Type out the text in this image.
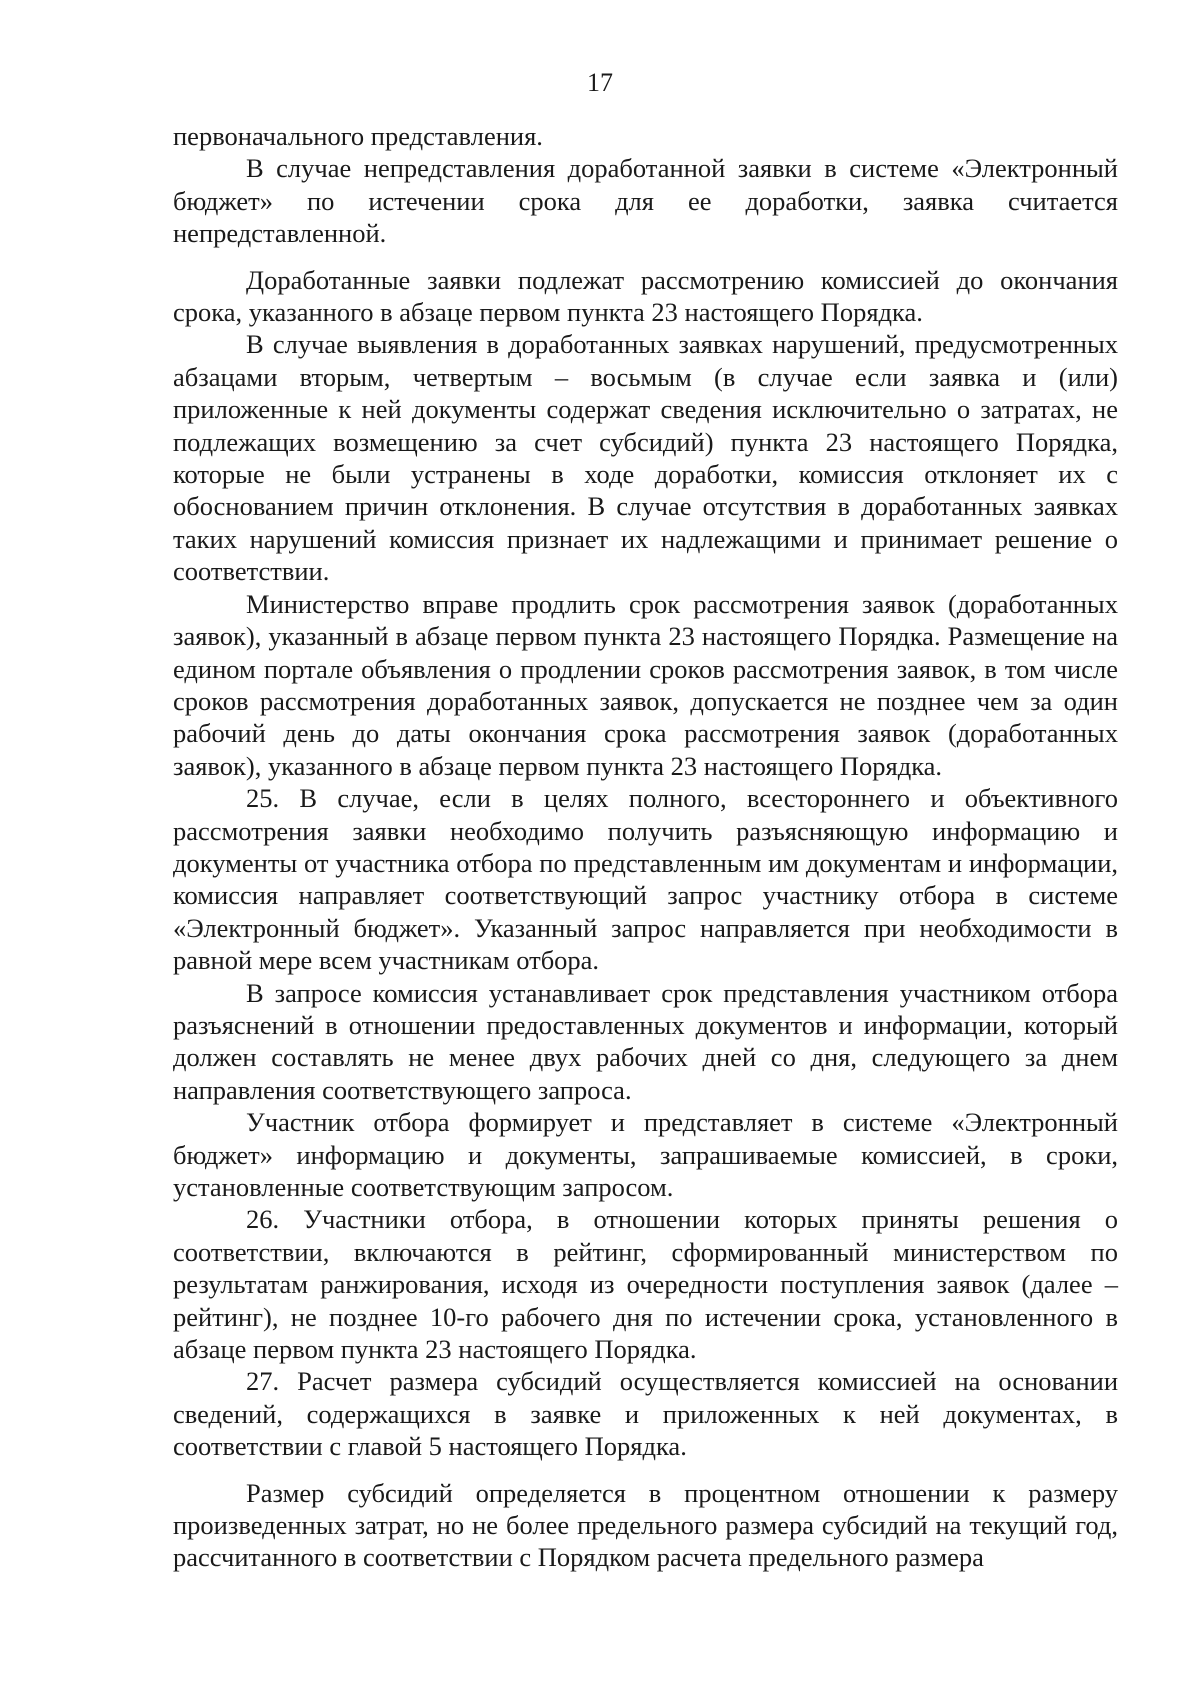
17

первоначального представления.

В случае непредставления доработанной заявки в системе «Электронный бюджет» по истечении срока для ее доработки, заявка считается непредставленной.

Доработанные заявки подлежат рассмотрению комиссией до окончания срока, указанного в абзаце первом пункта 23 настоящего Порядка.

В случае выявления в доработанных заявках нарушений, предусмотренных абзацами вторым, четвертым – восьмым (в случае если заявка и (или) приложенные к ней документы содержат сведения исключительно о затратах, не подлежащих возмещению за счет субсидий) пункта 23 настоящего Порядка, которые не были устранены в ходе доработки, комиссия отклоняет их с обоснованием причин отклонения. В случае отсутствия в доработанных заявках таких нарушений комиссия признает их надлежащими и принимает решение о соответствии.

Министерство вправе продлить срок рассмотрения заявок (доработанных заявок), указанный в абзаце первом пункта 23 настоящего Порядка. Размещение на едином портале объявления о продлении сроков рассмотрения заявок, в том числе сроков рассмотрения доработанных заявок, допускается не позднее чем за один рабочий день до даты окончания срока рассмотрения заявок (доработанных заявок), указанного в абзаце первом пункта 23 настоящего Порядка.

25. В случае, если в целях полного, всестороннего и объективного рассмотрения заявки необходимо получить разъясняющую информацию и документы от участника отбора по представленным им документам и информации, комиссия направляет соответствующий запрос участнику отбора в системе «Электронный бюджет». Указанный запрос направляется при необходимости в равной мере всем участникам отбора.

В запросе комиссия устанавливает срок представления участником отбора разъяснений в отношении предоставленных документов и информации, который должен составлять не менее двух рабочих дней со дня, следующего за днем направления соответствующего запроса.

Участник отбора формирует и представляет в системе «Электронный бюджет» информацию и документы, запрашиваемые комиссией, в сроки, установленные соответствующим запросом.

26. Участники отбора, в отношении которых приняты решения о соответствии, включаются в рейтинг, сформированный министерством по результатам ранжирования, исходя из очередности поступления заявок (далее – рейтинг), не позднее 10-го рабочего дня по истечении срока, установленного в абзаце первом пункта 23 настоящего Порядка.

27. Расчет размера субсидий осуществляется комиссией на основании сведений, содержащихся в заявке и приложенных к ней документах, в соответствии с главой 5 настоящего Порядка.

Размер субсидий определяется в процентном отношении к размеру произведенных затрат, но не более предельного размера субсидий на текущий год, рассчитанного в соответствии с Порядком расчета предельного размера
